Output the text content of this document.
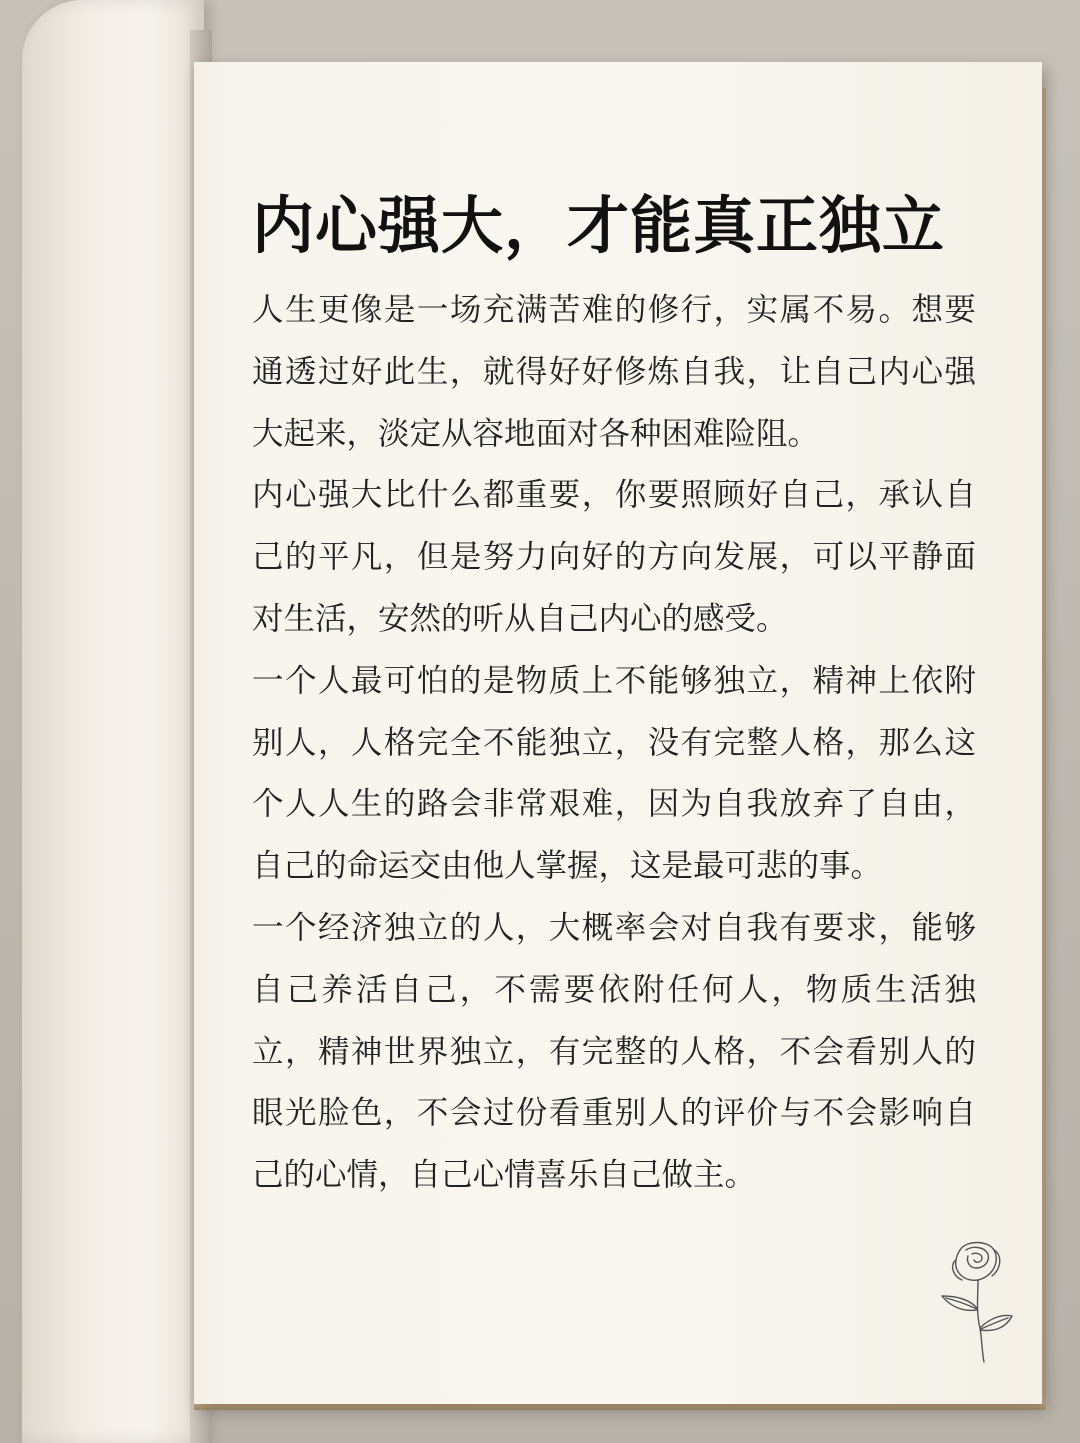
内心强大，才能真正独立

人生更像是一场充满苦难的修行，实属不易。想要通透过好此生，就得好好修炼自我，让自己内心强大起来，淡定从容地面对各种困难险阻。

内心强大比什么都重要，你要照顾好自己，承认自己的平凡，但是努力向好的方向发展，可以平静面对生活，安然的听从自己内心的感受。

一个人最可怕的是物质上不能够独立，精神上依附别人，人格完全不能独立，没有完整人格，那么这个人人生的路会非常艰难，因为自我放弃了自由，自己的命运交由他人掌握，这是最可悲的事。

一个经济独立的人，大概率会对自我有要求，能够自己养活自己，不需要依附任何人，物质生活独立，精神世界独立，有完整的人格，不会看别人的眼光脸色，不会过份看重别人的评价与不会影响自己的心情，自己心情喜乐自己做主。
